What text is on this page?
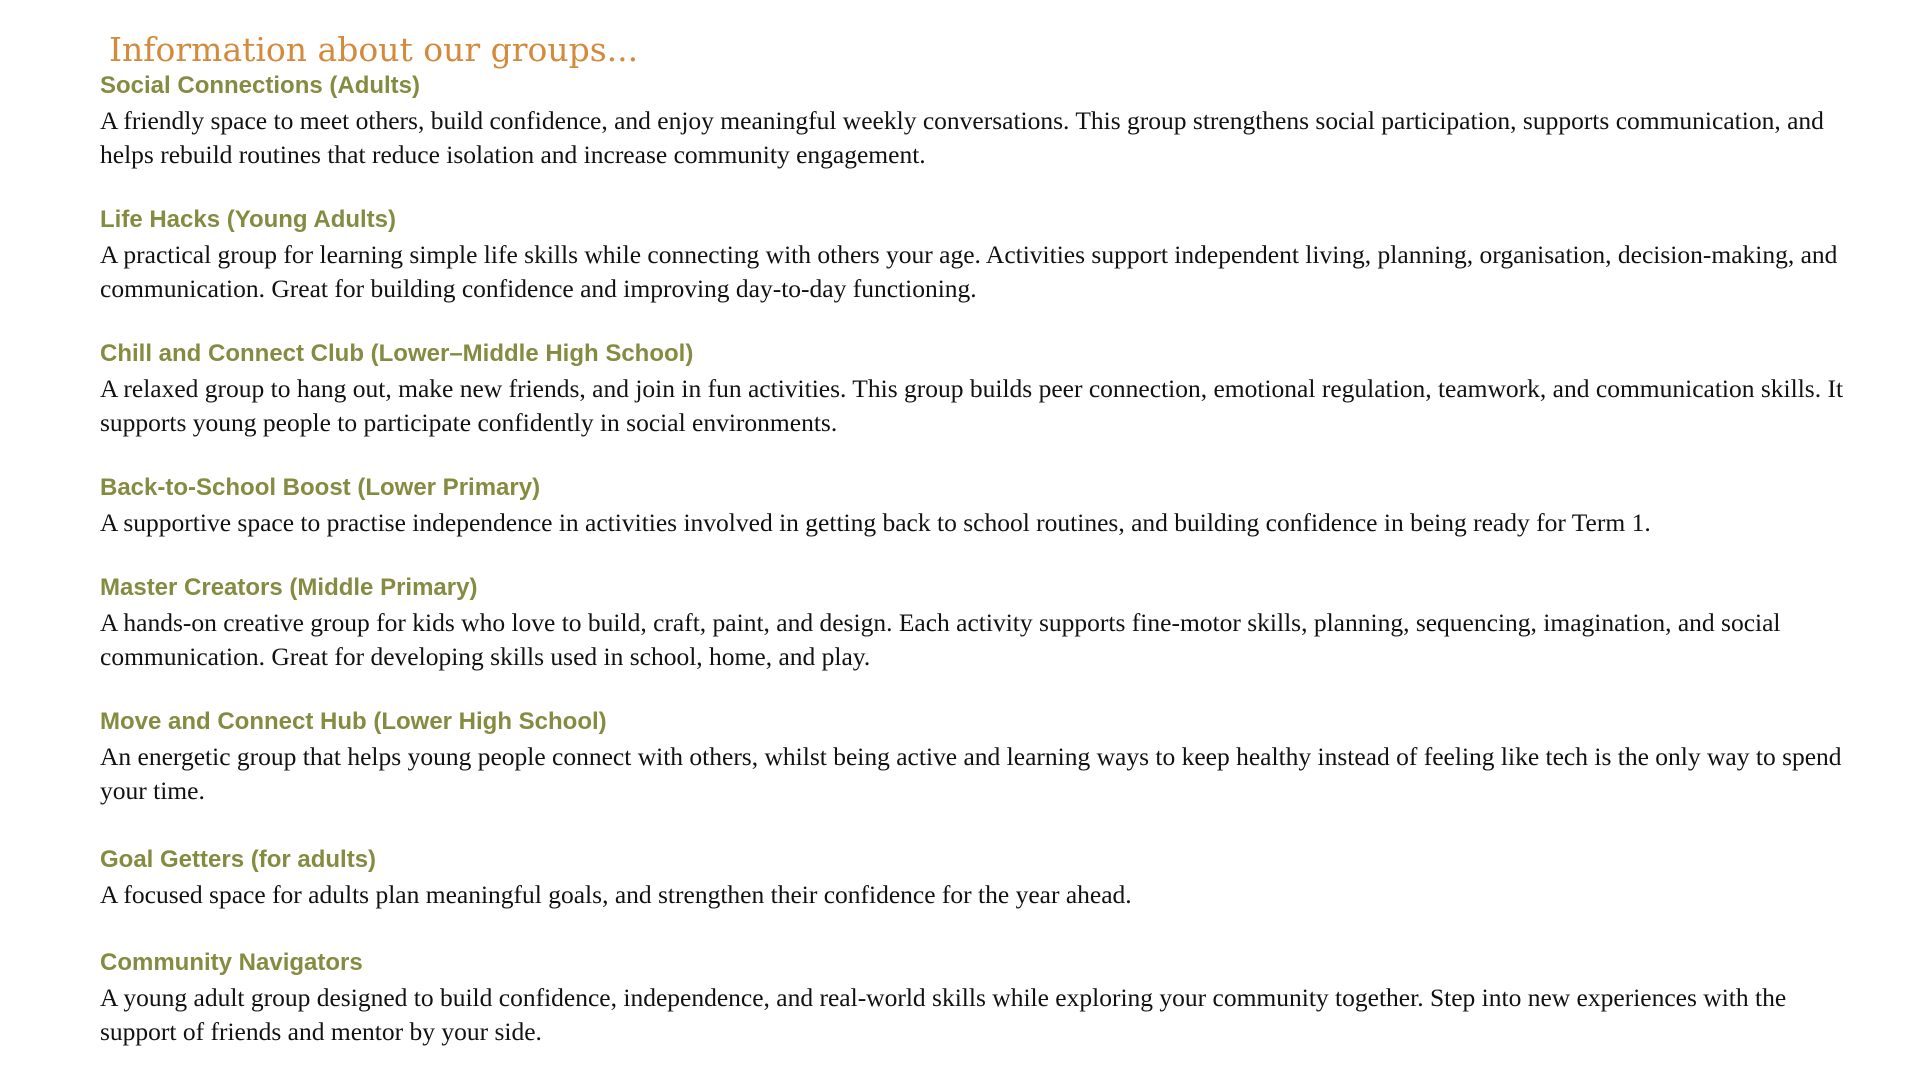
Information about our groups...
Social Connections (Adults)

A friendly space to meet others, build confidence, and enjoy meaningful weekly conversations. This group strengthens social participation, supports communication, and helps rebuild routines that reduce isolation and increase community engagement.

Life Hacks (Young Adults)

A practical group for learning simple life skills while connecting with others your age. Activities support independent living, planning, organisation, decision-making, and communication. Great for building confidence and improving day-to-day functioning.

Chill and Connect Club (Lower–Middle High School)

A relaxed group to hang out, make new friends, and join in fun activities. This group builds peer connection, emotional regulation, teamwork, and communication skills. It supports young people to participate confidently in social environments.

Back-to-School Boost (Lower Primary)

A supportive space to practise independence in activities involved in getting back to school routines, and building confidence in being ready for Term 1.

Master Creators (Middle Primary)

A hands-on creative group for kids who love to build, craft, paint, and design. Each activity supports fine-motor skills, planning, sequencing, imagination, and social communication. Great for developing skills used in school, home, and play.

Move and Connect Hub (Lower High School)

An energetic group that helps young people connect with others, whilst being active and learning ways to keep healthy instead of feeling like tech is the only way to spend your time.

Goal Getters (for adults)

A focused space for adults plan meaningful goals, and strengthen their confidence for the year ahead.

Community Navigators

A young adult group designed to build confidence, independence, and real-world skills while exploring your community together. Step into new experiences with the support of friends and mentor by your side.
